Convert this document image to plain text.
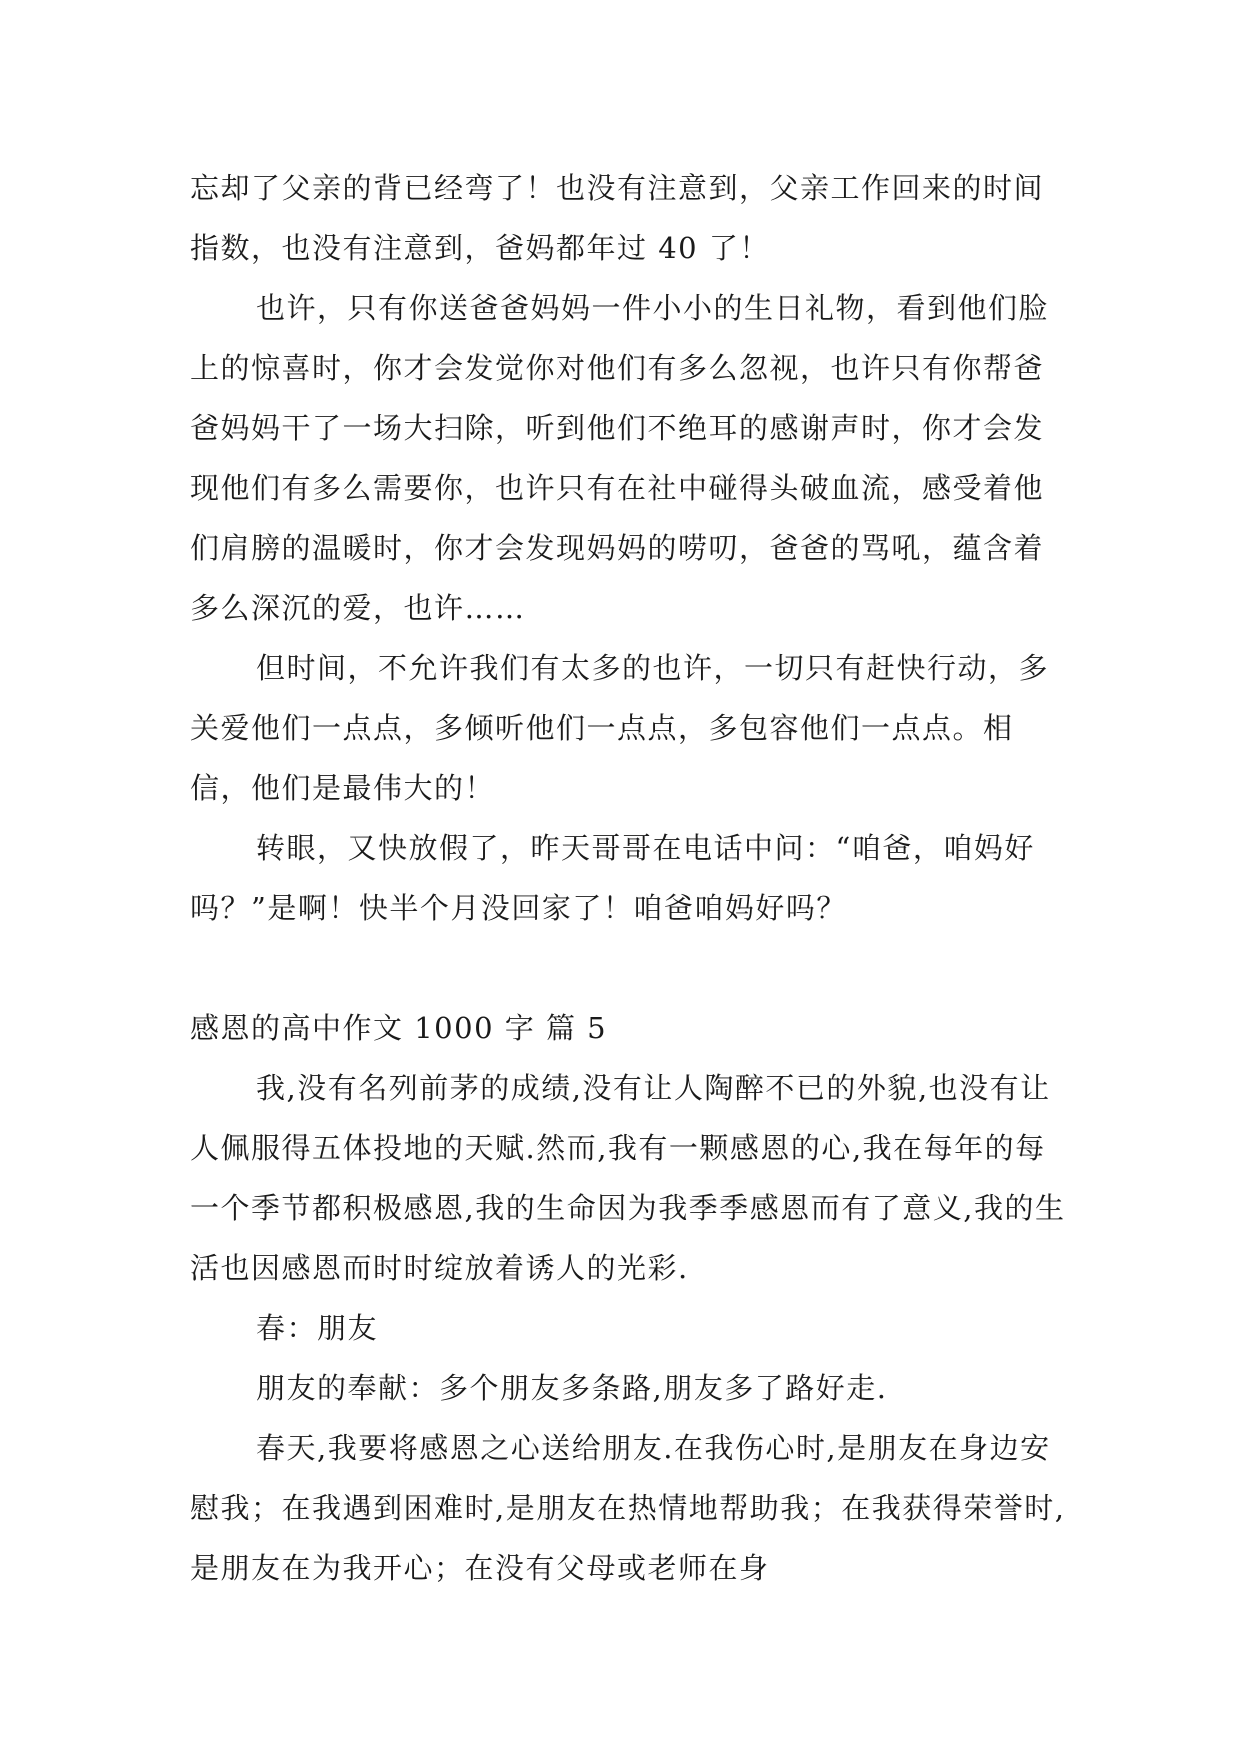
忘却了父亲的背已经弯了！也没有注意到，父亲工作回来的时间指数，也没有注意到，爸妈都年过 40 了！

也许，只有你送爸爸妈妈一件小小的生日礼物，看到他们脸上的惊喜时，你才会发觉你对他们有多么忽视，也许只有你帮爸爸妈妈干了一场大扫除，听到他们不绝耳的感谢声时，你才会发现他们有多么需要你，也许只有在社中碰得头破血流，感受着他们肩膀的温暖时，你才会发现妈妈的唠叨，爸爸的骂吼，蕴含着多么深沉的爱，也许……

但时间，不允许我们有太多的也许，一切只有赶快行动，多关爱他们一点点，多倾听他们一点点，多包容他们一点点。相信，他们是最伟大的！

转眼，又快放假了，昨天哥哥在电话中问：“咱爸，咱妈好吗？”是啊！快半个月没回家了！咱爸咱妈好吗？

感恩的高中作文 1000 字 篇 5

我,没有名列前茅的成绩,没有让人陶醉不已的外貌,也没有让人佩服得五体投地的天赋.然而,我有一颗感恩的心,我在每年的每一个季节都积极感恩,我的生命因为我季季感恩而有了意义,我的生活也因感恩而时时绽放着诱人的光彩.

春：朋友

朋友的奉献：多个朋友多条路,朋友多了路好走.

春天,我要将感恩之心送给朋友.在我伤心时,是朋友在身边安慰我；在我遇到困难时,是朋友在热情地帮助我；在我获得荣誉时,是朋友在为我开心；在没有父母或老师在身
